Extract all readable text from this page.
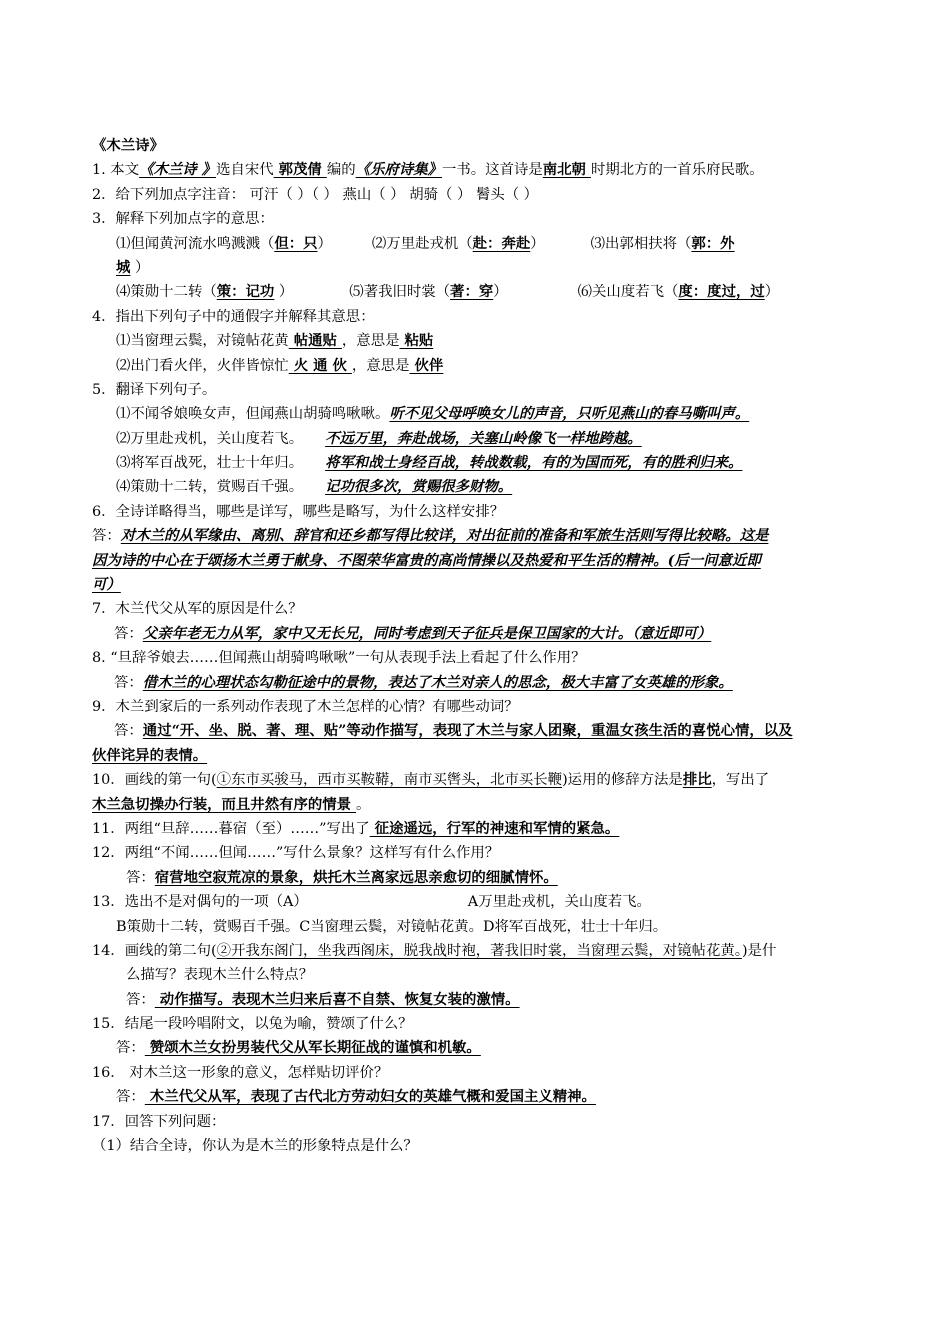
《木兰诗》
1. 本文《木兰诗 》选自宋代 郭茂倩 编的《乐府诗集》一书。这首诗是南北朝 时期北方的一首乐府民歌。
2．给下列加点字注音： 可汗（ ）（ ） 燕山（ ） 胡骑（ ） 鬌头（ ）
3．解释下列加点字的意思：
⑴但闻黄河流水鸣溅溅（但：只）	⑵万里赴戎机（赴：奔赴）	⑶出郭相扶将（郭：外
城 ）
⑷策勋十二转（策：记功 ）	⑸著我旧时裳（著：穿）	⑹关山度若飞（度：度过，过）
4．指出下列句子中的通假字并解释其意思：
⑴当窗理云鬓，对镜帖花黄 帖通贴 ，意思是 粘贴
⑵出门看火伴，火伴皆惊忙 火 通 伙 ，意思是 伙伴
5．翻译下列句子。
⑴不闻爷娘唤女声，但闻燕山胡骑鸣啾啾。听不见父母呼唤女儿的声音，只听见燕山的春马嘶叫声。
⑵万里赴戎机，关山度若飞。 不远万里，奔赴战场，关塞山岭像飞一样地跨越。
⑶将军百战死，壮士十年归。 将军和战士身经百战，转战数载，有的为国而死，有的胜利归来。
⑷策勋十二转，赏赐百千强。 记功很多次，赏赐很多财物。
6．全诗详略得当，哪些是详写，哪些是略写，为什么这样安排？
答：对木兰的从军缘由、离别、辞官和还乡都写得比较详，对出征前的准备和军旅生活则写得比较略。这是
因为诗的中心在于颂扬木兰勇于献身、不图荣华富贵的高尚情操以及热爱和平生活的精神。(后一问意近即
可）
7．木兰代父从军的原因是什么？
答：父亲年老无力从军，家中又无长兄，同时考虑到天子征兵是保卫国家的大计。（意近即可）
8. “旦辞爷娘去……但闻燕山胡骑鸣啾啾”一句从表现手法上看起了什么作用？
答：借木兰的心理状态勾勒征途中的景物，表达了木兰对亲人的思念，极大丰富了女英雄的形象。
9．木兰到家后的一系列动作表现了木兰怎样的心情？有哪些动词？
答：通过“开、坐、脱、著、理、贴”等动作描写，表现了木兰与家人团聚，重温女孩生活的喜悦心情，以及
伙伴诧异的表情。
10．画线的第一句(①东市买骏马，西市买鞍鞯，南市买辔头，北市买长鞭)运用的修辞方法是排比，写出了
木兰急切操办行装，而且井然有序的情景 。
11．两组“旦辞……暮宿（至）……”写出了 征途遥远，行军的神速和军情的紧急。
12．两组“不闻……但闻……”写什么景象？这样写有什么作用？
答：宿营地空寂荒凉的景象，烘托木兰离家远思亲愈切的细腻情怀。
13．选出不是对偶句的一项（A）	A万里赴戎机，关山度若飞。
B策勋十二转，赏赐百千强。C当窗理云鬓，对镜帖花黄。D将军百战死，壮士十年归。
14．画线的第二句(②开我东阁门，坐我西阁床，脱我战时袍，著我旧时裳，当窗理云鬓，对镜帖花黄。)是什
么描写？表现木兰什么特点？
答： 动作描写。表现木兰归来后喜不自禁、恢复女装的激情。
15．结尾一段吟唱附文，以兔为喻，赞颂了什么？
答： 赞颂木兰女扮男装代父从军长期征战的谨慎和机敏。
16． 对木兰这一形象的意义，怎样贴切评价？
答： 木兰代父从军，表现了古代北方劳动妇女的英雄气概和爱国主义精神。
17．回答下列问题：
（1）结合全诗，你认为是木兰的形象特点是什么？
